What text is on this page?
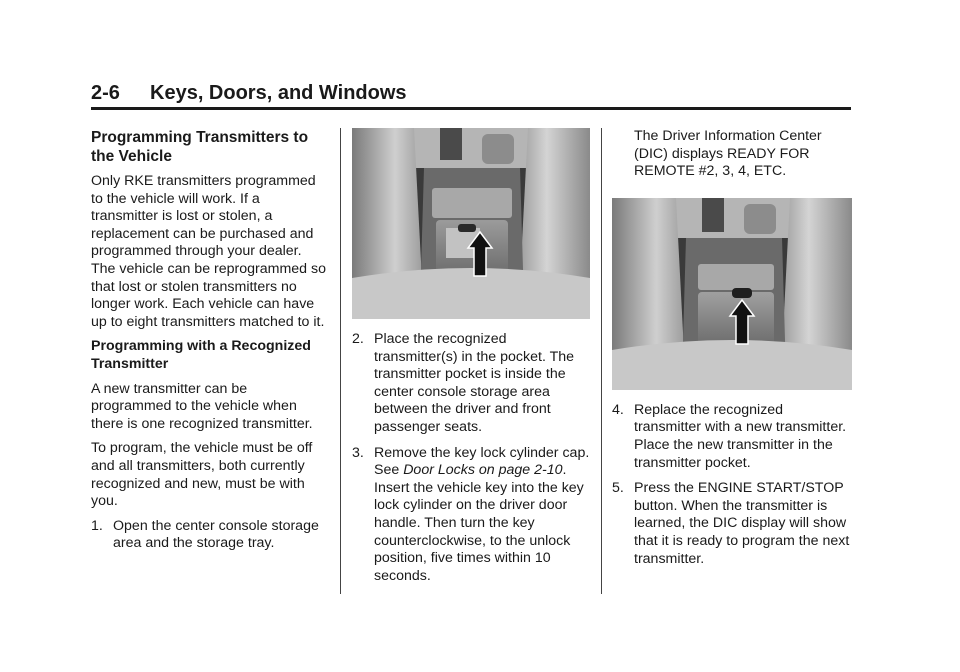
2-6 Keys, Doors, and Windows
Programming Transmitters to the Vehicle

Only RKE transmitters programmed to the vehicle will work. If a transmitter is lost or stolen, a replacement can be purchased and programmed through your dealer. The vehicle can be reprogrammed so that lost or stolen transmitters no longer work. Each vehicle can have up to eight transmitters matched to it.

Programming with a Recognized Transmitter

A new transmitter can be programmed to the vehicle when there is one recognized transmitter.

To program, the vehicle must be off and all transmitters, both currently recognized and new, must be with you.

1. Open the center console storage area and the storage tray.
2. Place the recognized transmitter(s) in the pocket. The transmitter pocket is inside the center console storage area between the driver and front passenger seats.
3. Remove the key lock cylinder cap. See Door Locks on page 2-10. Insert the vehicle key into the key lock cylinder on the driver door handle. Then turn the key counterclockwise, to the unlock position, five times within 10 seconds.

The Driver Information Center (DIC) displays READY FOR REMOTE #2, 3, 4, ETC.

4. Replace the recognized transmitter with a new transmitter. Place the new transmitter in the transmitter pocket.
5. Press the ENGINE START/STOP button. When the transmitter is learned, the DIC display will show that it is ready to program the next transmitter.
